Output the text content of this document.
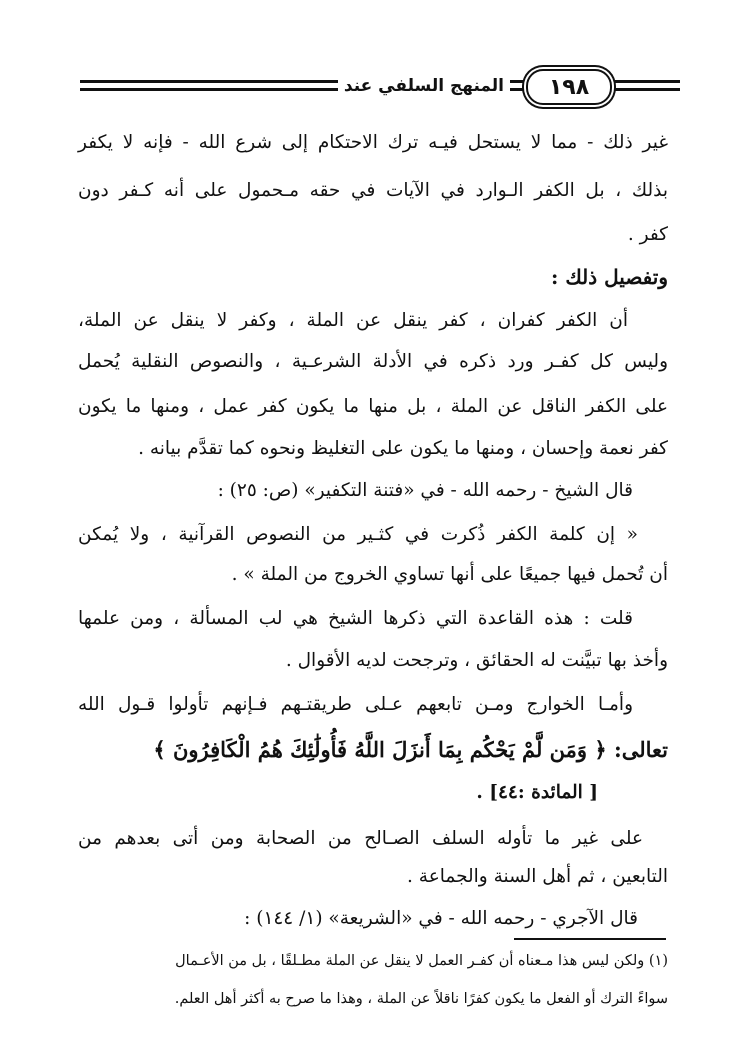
المنهج السلفي عند	١٩٨
غير ذلك - مما لا يستحل فيـه ترك الاحتكام إلى شرع الله - فإنه لا يكفر
بذلك ، بل الكفر الـوارد في الآيات في حقه مـحمول على أنه كـفر دون
كفر .
وتفصيل ذلك :
أن الكفر كفران ، كفر ينقل عن الملة ، وكفر لا ينقل عن الملة،
وليس كل كفـر ورد ذكره في الأدلة الشرعـية ، والنصوص النقلية يُحمل
على الكفر الناقل عن الملة ، بل منها ما يكون كفر عمل ، ومنها ما يكون
كفر نعمة وإحسان ، ومنها ما يكون على التغليظ ونحوه كما تقدَّم بيانه .
قال الشيخ - رحمه الله - في «فتنة التكفير» (ص: ٢٥) :
« إن كلمة الكفر ذُكرت في كثـير من النصوص القرآنية ، ولا يُمكن
أن تُحمل فيها جميعًا على أنها تساوي الخروج من الملة » .
قلت : هذه القاعدة التي ذكرها الشيخ هي لب المسألة ، ومن علمها
وأخذ بها تبيَّنت له الحقائق ، وترجحت لديه الأقوال .
وأمـا الخوارج ومـن تابعهم عـلى طريقتـهم فـإنهم تأولوا قـول الله
تعالى: ﴿ وَمَن لَّمْ يَحْكُم بِمَا أَنزَلَ اللَّهُ فَأُولَٰئِكَ هُمُ الْكَافِرُونَ ﴾
[ المائدة :٤٤] .
على غير ما تأوله السلف الصـالح من الصحابة ومن أتى بعدهم من
التابعين ، ثم أهل السنة والجماعة .
قال الآجري - رحمه الله - في «الشريعة» (١/ ١٤٤) :
(١) ولكن ليس هذا مـعناه أن كفـر العمل لا ينقل عن الملة مطـلقًا ، بل من الأعـمال
سواءً الترك أو الفعل ما يكون كفرًا ناقلاً عن الملة ، وهذا ما صرح به أكثر أهل العلم.
